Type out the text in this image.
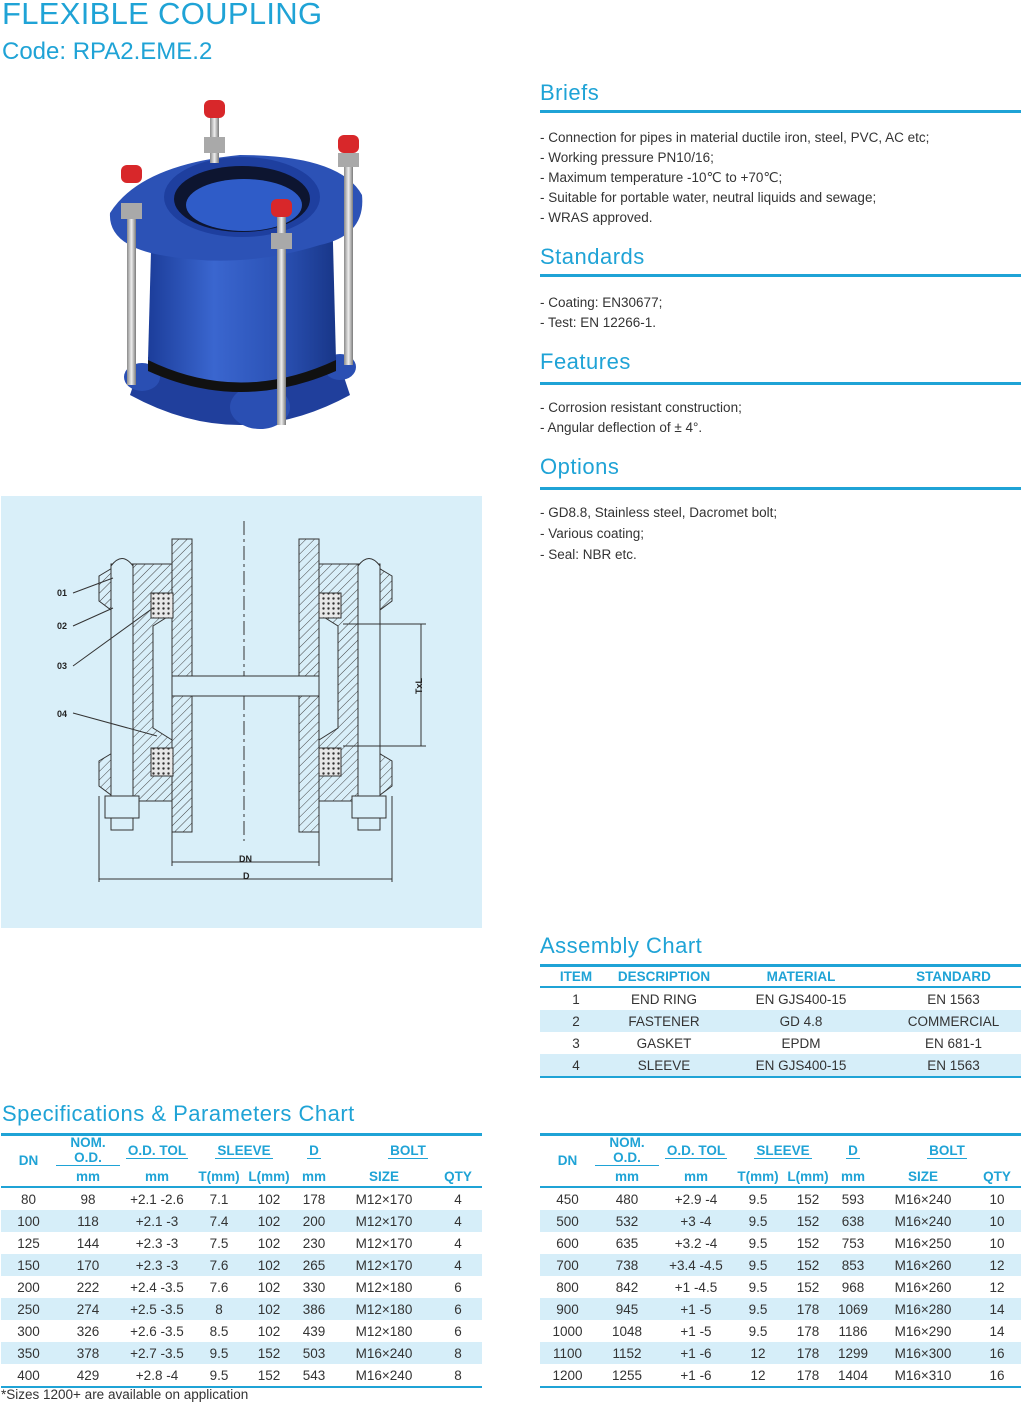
FLEXIBLE COUPLING
Code: RPA2.EME.2
Briefs
- Connection for pipes in material ductile iron, steel, PVC, AC etc;
- Working pressure PN10/16;
- Maximum temperature -10℃ to +70℃;
- Suitable for portable water, neutral liquids and sewage;
- WRAS approved.
Standards
- Coating: EN30677;
- Test: EN 12266-1.
Features
- Corrosion resistant construction;
- Angular deflection of ± 4°.
Options
- GD8.8, Stainless steel, Dacromet bolt;
- Various coating;
- Seal: NBR etc.
01
02
03
04
DN
D
TxL
Assembly Chart
ITEM	DESCRIPTION	MATERIAL	STANDARD
1	END RING	EN GJS400-15	EN 1563
2	FASTENER	GD 4.8	COMMERCIAL
3	GASKET	EPDM	EN 681-1
4	SLEEVE	EN GJS400-15	EN 1563
Specifications & Parameters Chart
DN	NOM. O.D.	O.D. TOL	SLEEVE		D	BOLT	
	mm	mm	T(mm)	L(mm)	mm	SIZE	QTY
80	98	+2.1 -2.6	7.1	102	178	M12×170	4
100	118	+2.1 -3	7.4	102	200	M12×170	4
125	144	+2.3 -3	7.5	102	230	M12×170	4
150	170	+2.3 -3	7.6	102	265	M12×170	4
200	222	+2.4 -3.5	7.6	102	330	M12×180	6
250	274	+2.5 -3.5	8	102	386	M12×180	6
300	326	+2.6 -3.5	8.5	102	439	M12×180	6
350	378	+2.7 -3.5	9.5	152	503	M16×240	8
400	429	+2.8 -4	9.5	152	543	M16×240	8
DN	NOM. O.D.	O.D. TOL	SLEEVE		D	BOLT	
	mm	mm	T(mm)	L(mm)	mm	SIZE	QTY
450	480	+2.9 -4	9.5	152	593	M16×240	10
500	532	+3 -4	9.5	152	638	M16×240	10
600	635	+3.2 -4	9.5	152	753	M16×250	10
700	738	+3.4 -4.5	9.5	152	853	M16×260	12
800	842	+1 -4.5	9.5	152	968	M16×260	12
900	945	+1 -5	9.5	178	1069	M16×280	14
1000	1048	+1 -5	9.5	178	1186	M16×290	14
1100	1152	+1 -6	12	178	1299	M16×300	16
1200	1255	+1 -6	12	178	1404	M16×310	16
*Sizes 1200+ are available on application
